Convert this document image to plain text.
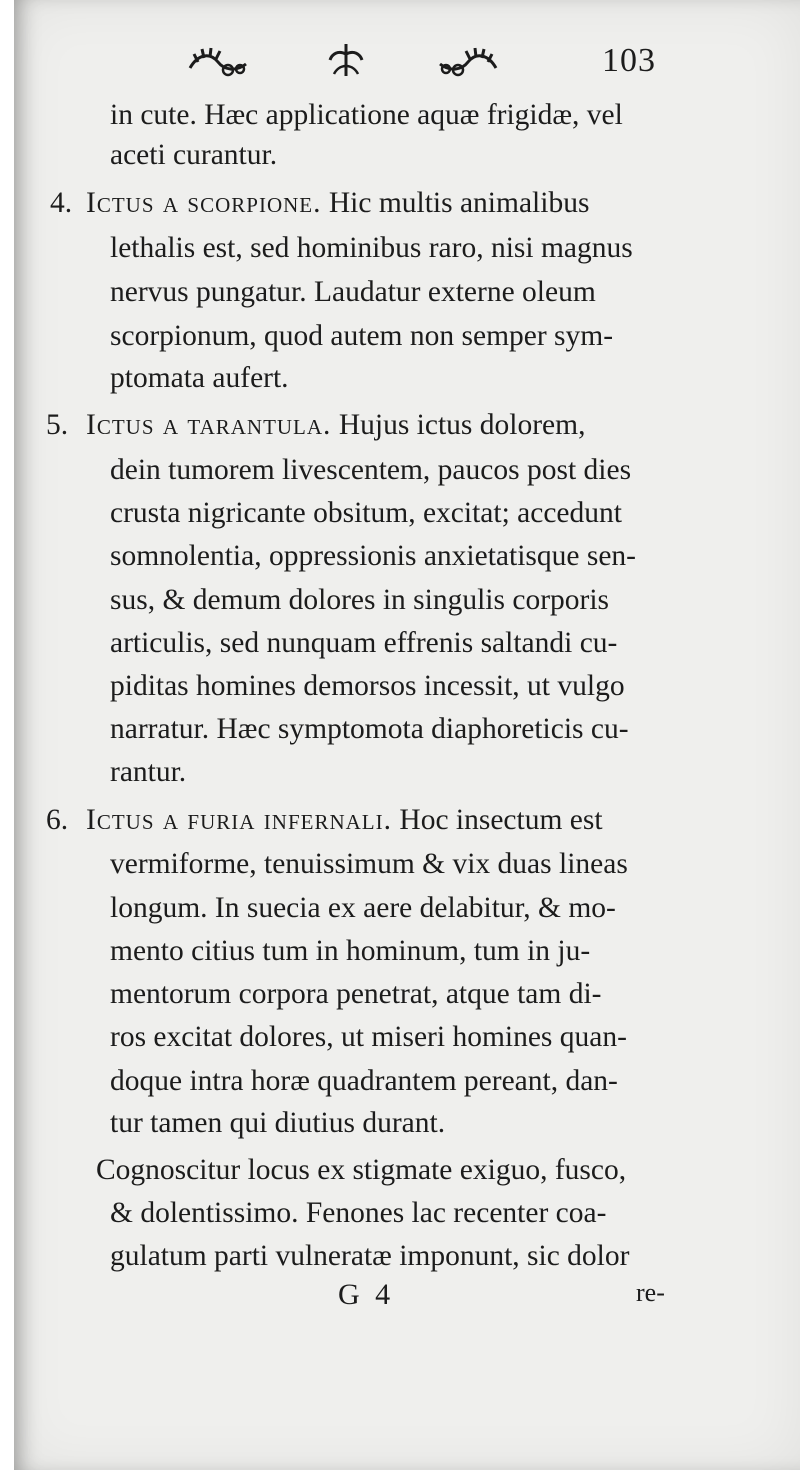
103
in cute. Hæc applicatione aquæ frigidæ, vel
aceti curantur.
4. Ictus a scorpione. Hic multis animalibus
lethalis est, sed hominibus raro, nisi magnus
nervus pungatur. Laudatur externe oleum
scorpionum, quod autem non semper sym-
ptomata aufert.
5. Ictus a tarantula. Hujus ictus dolorem,
dein tumorem livescentem, paucos post dies
crusta nigricante obsitum, excitat; accedunt
somnolentia, oppressionis anxietatisque sen-
sus, & demum dolores in singulis corporis
articulis, sed nunquam effrenis saltandi cu-
piditas homines demorsos incessit, ut vulgo
narratur. Hæc symptomota diaphoreticis cu-
rantur.
6. Ictus a furia infernali. Hoc insectum est
vermiforme, tenuissimum & vix duas lineas
longum. In suecia ex aere delabitur, & mo-
mento citius tum in hominum, tum in ju-
mentorum corpora penetrat, atque tam di-
ros excitat dolores, ut miseri homines quan-
doque intra horæ quadrantem pereant, dan-
tur tamen qui diutius durant.
Cognoscitur locus ex stigmate exiguo, fusco,
& dolentissimo. Fenones lac recenter coa-
gulatum parti vulneratæ imponunt, sic dolor
G 4	re-
